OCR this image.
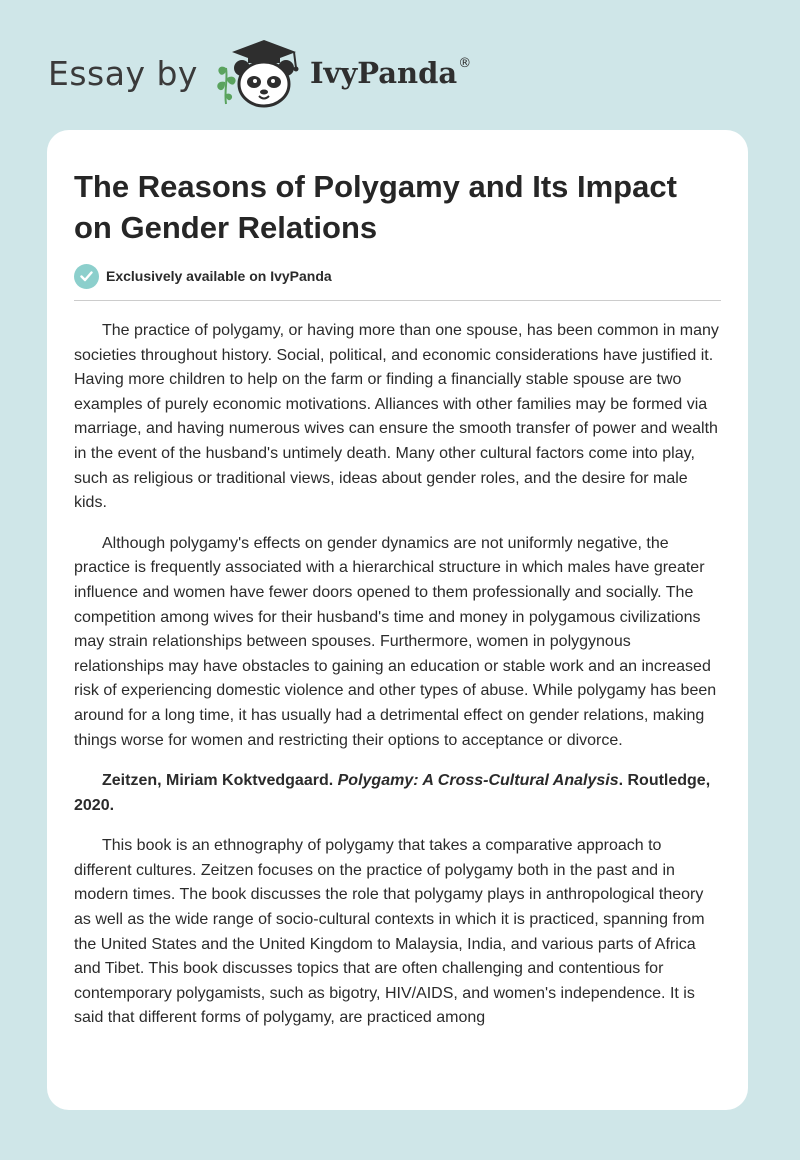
Essay by	IvyPanda ®
The Reasons of Polygamy and Its Impact on Gender Relations
Exclusively available on IvyPanda

The practice of polygamy, or having more than one spouse, has been common in many societies throughout history. Social, political, and economic considerations have justified it. Having more children to help on the farm or finding a financially stable spouse are two examples of purely economic motivations. Alliances with other families may be formed via marriage, and having numerous wives can ensure the smooth transfer of power and wealth in the event of the husband's untimely death. Many other cultural factors come into play, such as religious or traditional views, ideas about gender roles, and the desire for male kids.

Although polygamy's effects on gender dynamics are not uniformly negative, the practice is frequently associated with a hierarchical structure in which males have greater influence and women have fewer doors opened to them professionally and socially. The competition among wives for their husband's time and money in polygamous civilizations may strain relationships between spouses. Furthermore, women in polygynous relationships may have obstacles to gaining an education or stable work and an increased risk of experiencing domestic violence and other types of abuse. While polygamy has been around for a long time, it has usually had a detrimental effect on gender relations, making things worse for women and restricting their options to acceptance or divorce.

Zeitzen, Miriam Koktvedgaard. Polygamy: A Cross-Cultural Analysis. Routledge, 2020.

This book is an ethnography of polygamy that takes a comparative approach to different cultures. Zeitzen focuses on the practice of polygamy both in the past and in modern times. The book discusses the role that polygamy plays in anthropological theory as well as the wide range of socio-cultural contexts in which it is practiced, spanning from the United States and the United Kingdom to Malaysia, India, and various parts of Africa and Tibet. This book discusses topics that are often challenging and contentious for contemporary polygamists, such as bigotry, HIV/AIDS, and women's independence. It is said that different forms of polygamy, are practiced among
